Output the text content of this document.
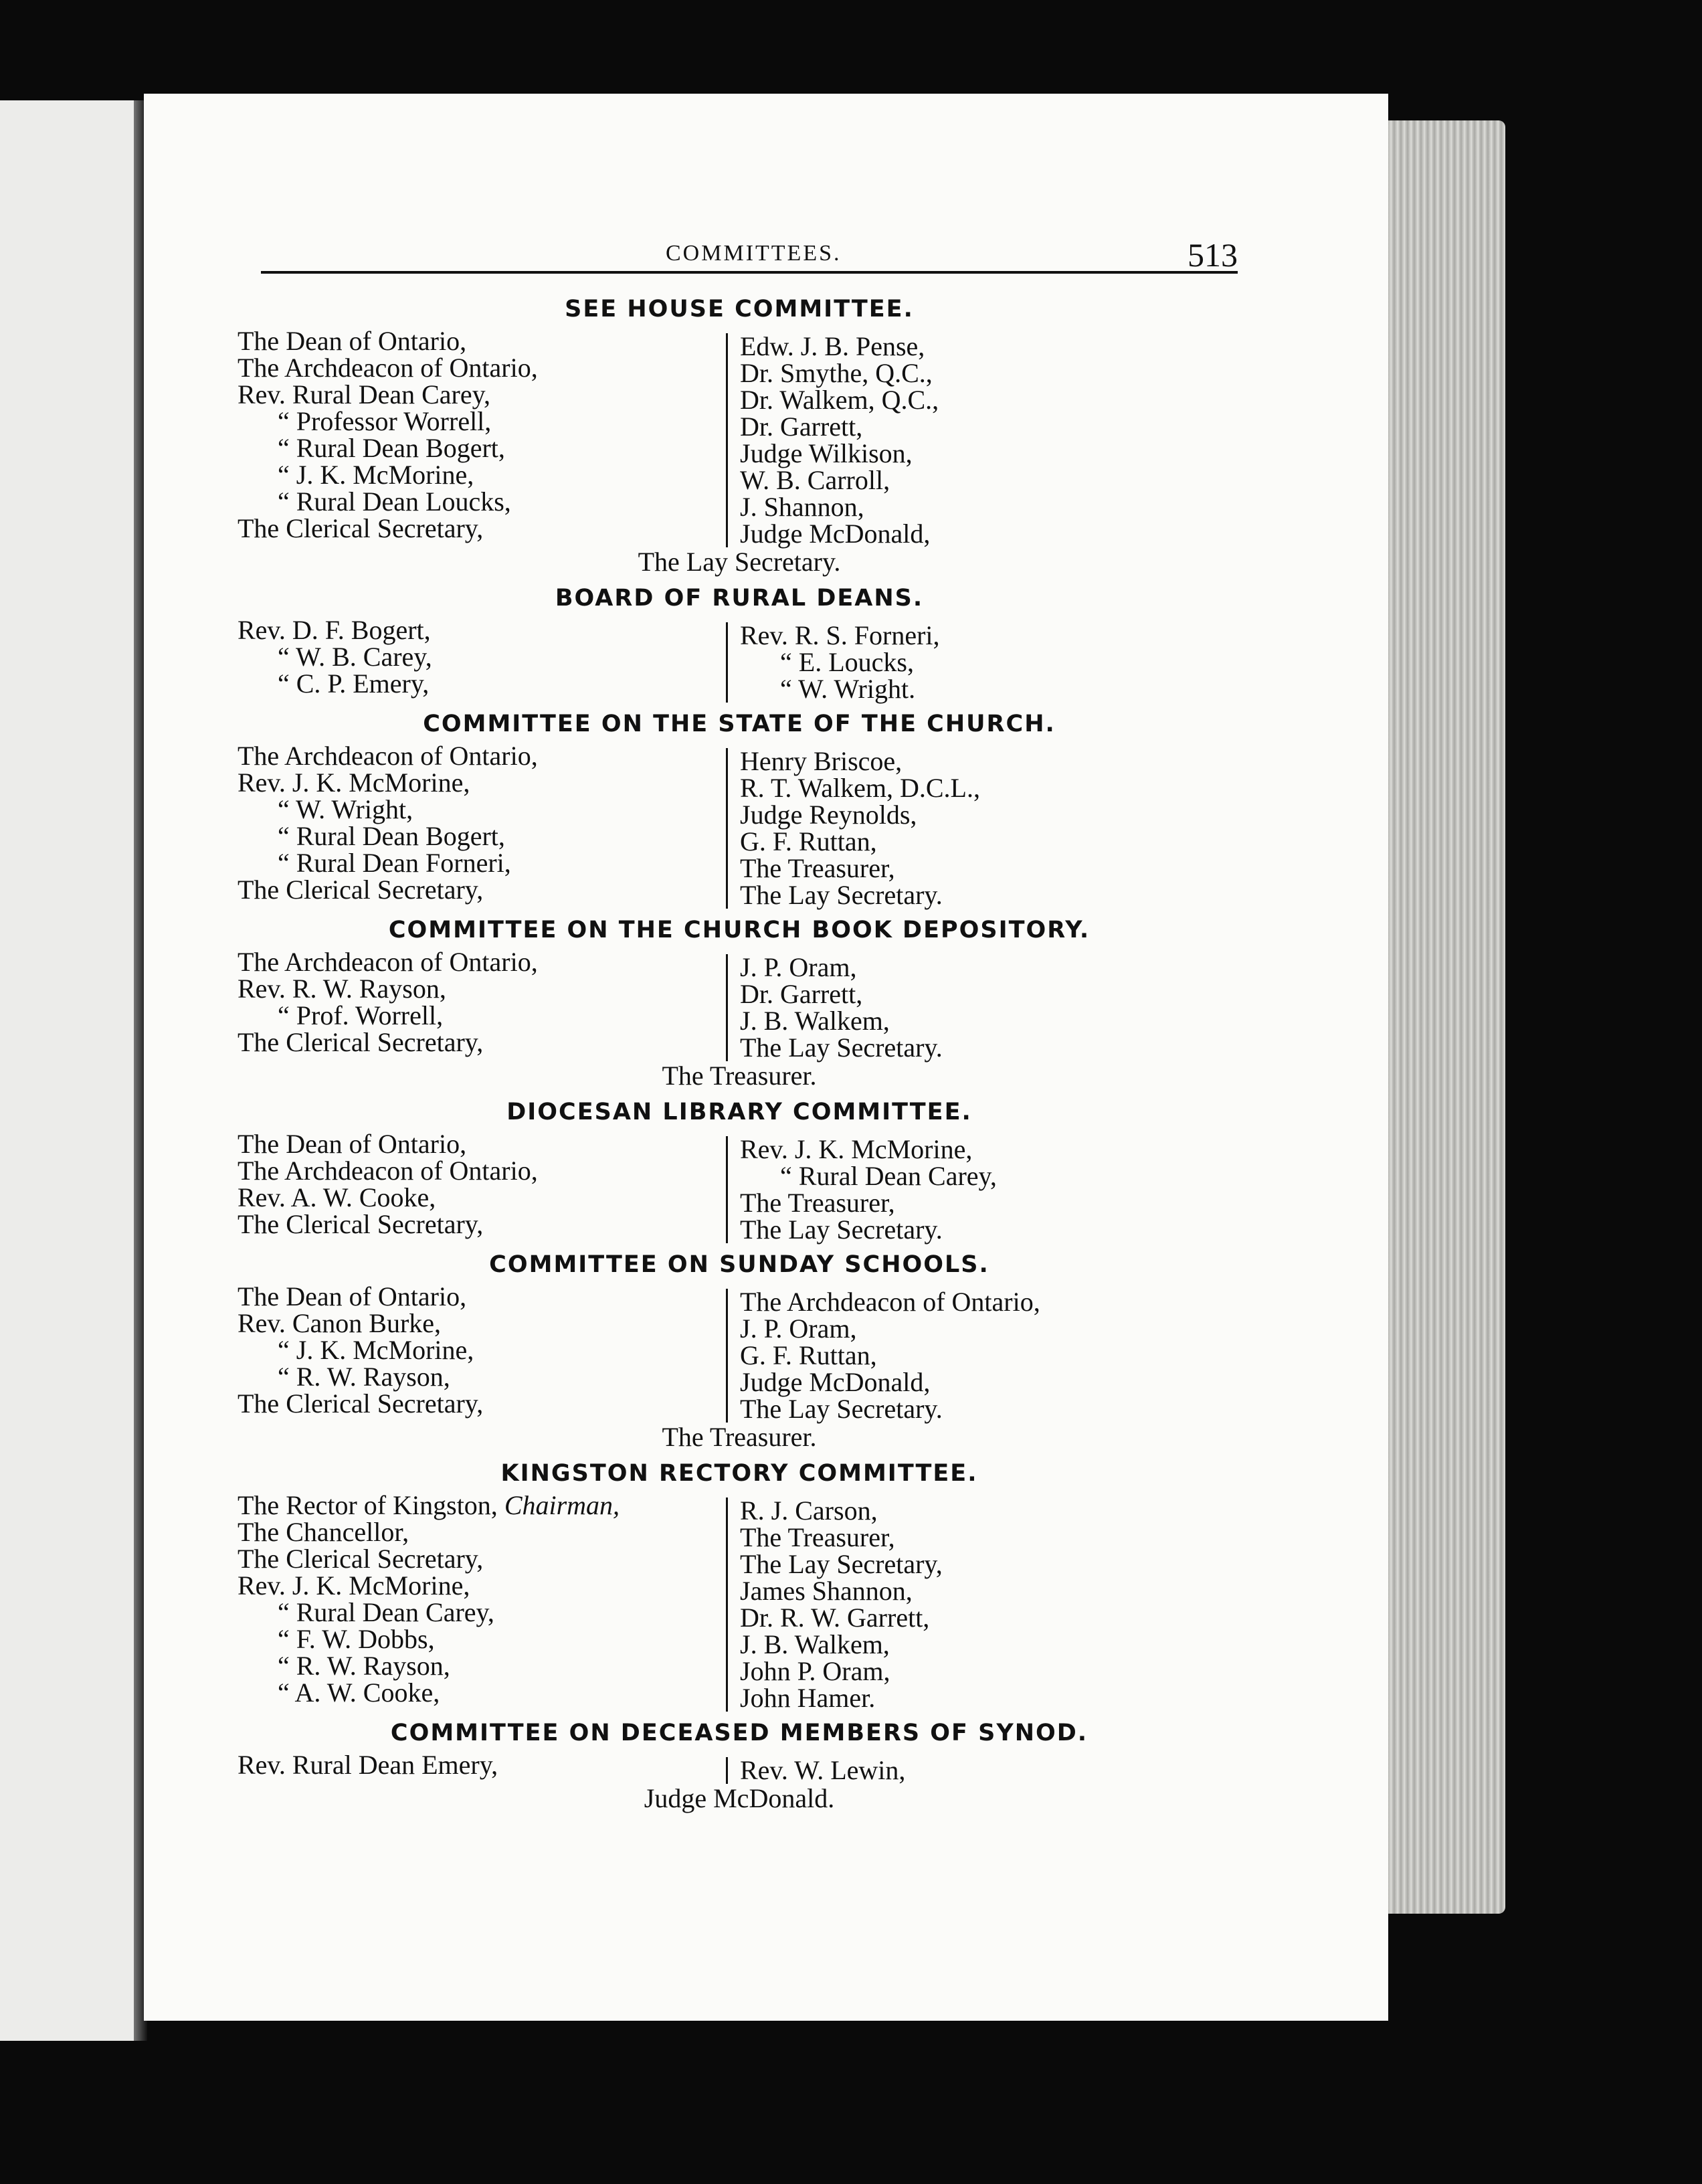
COMMITTEES.	513
SEE HOUSE COMMITTEE.
The Dean of Ontario,
The Archdeacon of Ontario,
Rev. Rural Dean Carey,
“ Professor Worrell,
“ Rural Dean Bogert,
“ J. K. McMorine,
“ Rural Dean Loucks,
The Clerical Secretary,
Edw. J. B. Pense,
Dr. Smythe, Q.C.,
Dr. Walkem, Q.C.,
Dr. Garrett,
Judge Wilkison,
W. B. Carroll,
J. Shannon,
Judge McDonald,
The Lay Secretary.
BOARD OF RURAL DEANS.
Rev. D. F. Bogert,
“ W. B. Carey,
“ C. P. Emery,
Rev. R. S. Forneri,
“ E. Loucks,
“ W. Wright.
COMMITTEE ON THE STATE OF THE CHURCH.
The Archdeacon of Ontario,
Rev. J. K. McMorine,
“ W. Wright,
“ Rural Dean Bogert,
“ Rural Dean Forneri,
The Clerical Secretary,
Henry Briscoe,
R. T. Walkem, D.C.L.,
Judge Reynolds,
G. F. Ruttan,
The Treasurer,
The Lay Secretary.
COMMITTEE ON THE CHURCH BOOK DEPOSITORY.
The Archdeacon of Ontario,
Rev. R. W. Rayson,
“ Prof. Worrell,
The Clerical Secretary,
J. P. Oram,
Dr. Garrett,
J. B. Walkem,
The Lay Secretary.
The Treasurer.
DIOCESAN LIBRARY COMMITTEE.
The Dean of Ontario,
The Archdeacon of Ontario,
Rev. A. W. Cooke,
The Clerical Secretary,
Rev. J. K. McMorine,
“ Rural Dean Carey,
The Treasurer,
The Lay Secretary.
COMMITTEE ON SUNDAY SCHOOLS.
The Dean of Ontario,
Rev. Canon Burke,
“ J. K. McMorine,
“ R. W. Rayson,
The Clerical Secretary,
The Archdeacon of Ontario,
J. P. Oram,
G. F. Ruttan,
Judge McDonald,
The Lay Secretary.
The Treasurer.
KINGSTON RECTORY COMMITTEE.
The Rector of Kingston, Chairman,
The Chancellor,
The Clerical Secretary,
Rev. J. K. McMorine,
“ Rural Dean Carey,
“ F. W. Dobbs,
“ R. W. Rayson,
“ A. W. Cooke,
R. J. Carson,
The Treasurer,
The Lay Secretary,
James Shannon,
Dr. R. W. Garrett,
J. B. Walkem,
John P. Oram,
John Hamer.
COMMITTEE ON DECEASED MEMBERS OF SYNOD.
Rev. Rural Dean Emery,	Rev. W. Lewin,
Judge McDonald.
